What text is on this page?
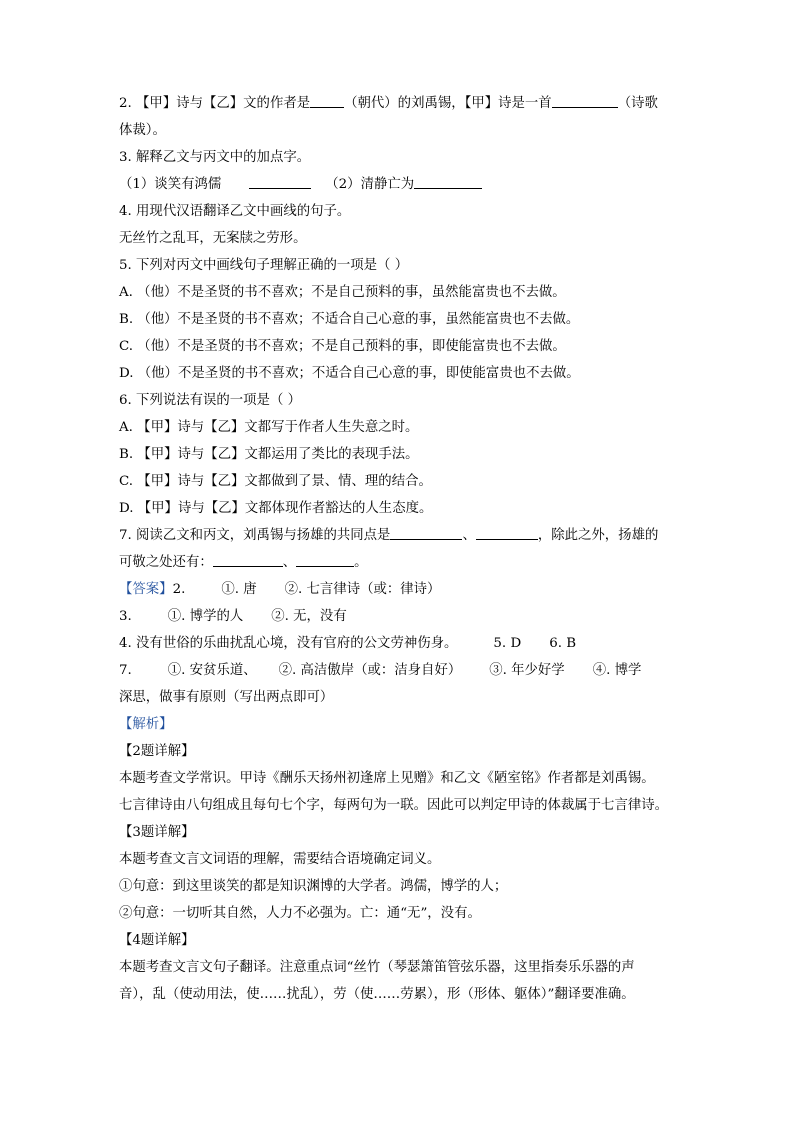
2. 【甲】诗与【乙】文的作者是	（朝代）的刘禹锡，【甲】诗是一首	（诗歌
体裁）。
3. 解释乙文与丙文中的加点字。
（1）谈笑有鸿儒	（2）清静亡为
4. 用现代汉语翻译乙文中画线的句子。
无丝竹之乱耳，无案牍之劳形。
5. 下列对丙文中画线句子理解正确的一项是（ ）
A. （他）不是圣贤的书不喜欢；不是自己预料的事，虽然能富贵也不去做。
B. （他）不是圣贤的书不喜欢；不适合自己心意的事，虽然能富贵也不去做。
C. （他）不是圣贤的书不喜欢；不是自己预料的事，即使能富贵也不去做。
D. （他）不是圣贤的书不喜欢；不适合自己心意的事，即使能富贵也不去做。
6. 下列说法有误的一项是（ ）
A. 【甲】诗与【乙】文都写于作者人生失意之时。
B. 【甲】诗与【乙】文都运用了类比的表现手法。
C. 【甲】诗与【乙】文都做到了景、情、理的结合。
D. 【甲】诗与【乙】文都体现作者豁达的人生态度。
7. 阅读乙文和丙文，刘禹锡与扬雄的共同点是	、	，除此之外，扬雄的
可敬之处还有：	、	。
【答案】2.	①. 唐 ②. 七言律诗（或：律诗）
3.	①. 博学的人 ②. 无，没有
4. 没有世俗的乐曲扰乱心境，没有官府的公文劳神伤身。	5. D 6. B
7.	①. 安贫乐道、 ②. 高洁傲岸（或：洁身自好） ③. 年少好学 ④. 博学
深思，做事有原则（写出两点即可）
【解析】
【2题详解】
本题考查文学常识。甲诗《酬乐天扬州初逢席上见赠》和乙文《陋室铭》作者都是刘禹锡。
七言律诗由八句组成且每句七个字，每两句为一联。因此可以判定甲诗的体裁属于七言律诗。
【3题详解】
本题考查文言文词语的理解，需要结合语境确定词义。
①句意：到这里谈笑的都是知识渊博的大学者。鸿儒，博学的人；
②句意：一切听其自然，人力不必强为。亡：通“无”，没有。
【4题详解】
本题考查文言文句子翻译。注意重点词“丝竹（琴瑟箫笛管弦乐器，这里指奏乐乐器的声
音），乱（使动用法，使……扰乱），劳（使……劳累），形（形体、躯体）”翻译要准确。
